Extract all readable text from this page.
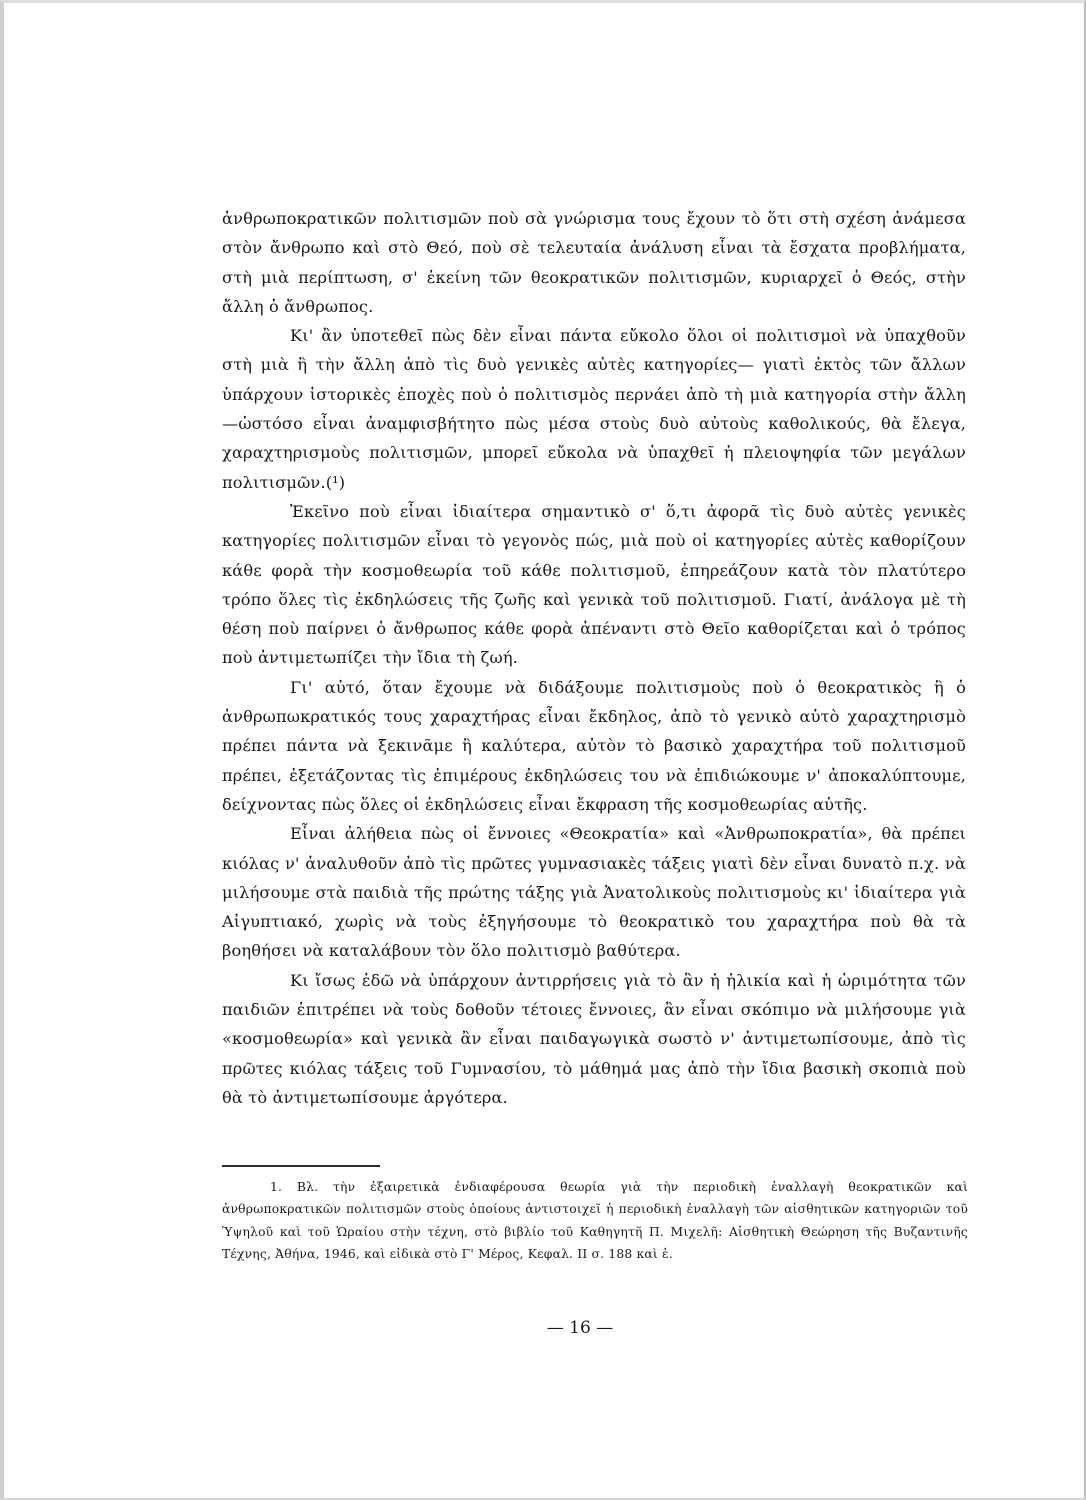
ἀνθρωποκρατικῶν πολιτισμῶν ποὺ σὰ γνώρισμα τους ἔχουν τὸ ὅτι στὴ σχέση ἀνάμεσα στὸν ἄνθρωπο καὶ στὸ Θεό, ποὺ σὲ τελευταία ἀνάλυση εἶναι τὰ ἔσχατα προβλήματα, στὴ μιὰ περίπτωση, σ' ἐκείνη τῶν θεοκρατικῶν πολιτισμῶν, κυριαρχεῖ ὁ Θεός, στὴν ἄλλη ὁ ἄνθρωπος.

Κι' ἂν ὑποτεθεῖ πὼς δὲν εἶναι πάντα εὔκολο ὅλοι οἱ πολιτισμοὶ νὰ ὑπαχθοῦν στὴ μιὰ ἢ τὴν ἄλλη ἀπὸ τὶς δυὸ γενικὲς αὐτὲς κατηγορίες— γιατὶ ἐκτὸς τῶν ἄλλων ὑπάρχουν ἱστορικὲς ἐποχὲς ποὺ ὁ πολιτισμὸς περνάει ἀπὸ τὴ μιὰ κατηγορία στὴν ἄλλη—ὡστόσο εἶναι ἀναμφισβήτητο πὼς μέσα στοὺς δυὸ αὐτοὺς καθολικούς, θὰ ἔλεγα, χαραχτηρισμοὺς πολιτισμῶν, μπορεῖ εὔκολα νὰ ὑπαχθεῖ ἡ πλειοψηφία τῶν μεγάλων πολιτισμῶν.(¹)

Ἐκεῖνο ποὺ εἶναι ἰδιαίτερα σημαντικὸ σ' ὅ,τι ἀφορᾶ τὶς δυὸ αὐτὲς γενικὲς κατηγορίες πολιτισμῶν εἶναι τὸ γεγονὸς πώς, μιὰ ποὺ οἱ κατηγορίες αὐτὲς καθορίζουν κάθε φορὰ τὴν κοσμοθεωρία τοῦ κάθε πολιτισμοῦ, ἐπηρεάζουν κατὰ τὸν πλατύτερο τρόπο ὅλες τὶς ἐκδηλώσεις τῆς ζωῆς καὶ γενικὰ τοῦ πολιτισμοῦ. Γιατί, ἀνάλογα μὲ τὴ θέση ποὺ παίρνει ὁ ἄνθρωπος κάθε φορὰ ἀπέναντι στὸ Θεῖο καθορίζεται καὶ ὁ τρόπος ποὺ ἀντιμετωπίζει τὴν ἴδια τὴ ζωή.

Γι' αὐτό, ὅταν ἔχουμε νὰ διδάξουμε πολιτισμοὺς ποὺ ὁ θεοκρατικὸς ἢ ὁ ἀνθρωπωκρατικός τους χαραχτήρας εἶναι ἔκδηλος, ἀπὸ τὸ γενικὸ αὐτὸ χαραχτηρισμὸ πρέπει πάντα νὰ ξεκινᾶμε ἢ καλύτερα, αὐτὸν τὸ βασικὸ χαραχτήρα τοῦ πολιτισμοῦ πρέπει, ἐξετάζοντας τὶς ἐπιμέρους ἐκδηλώσεις του νὰ ἐπιδιώκουμε ν' ἀποκαλύπτουμε, δείχνοντας πὼς ὅλες οἱ ἐκδηλώσεις εἶναι ἔκφραση τῆς κοσμοθεωρίας αὐτῆς.

Εἶναι ἀλήθεια πὼς οἱ ἔννοιες «Θεοκρατία» καὶ «Ἀνθρωποκρατία», θὰ πρέπει κιόλας ν' ἀναλυθοῦν ἀπὸ τὶς πρῶτες γυμνασιακὲς τάξεις γιατὶ δὲν εἶναι δυνατὸ π.χ. νὰ μιλήσουμε στὰ παιδιὰ τῆς πρώτης τάξης γιὰ Ἀνατολικοὺς πολιτισμοὺς κι' ἰδιαίτερα γιὰ Αἰγυπτιακό, χωρὶς νὰ τοὺς ἐξηγήσουμε τὸ θεοκρατικὸ του χαραχτήρα ποὺ θὰ τὰ βοηθήσει νὰ καταλάβουν τὸν ὅλο πολιτισμὸ βαθύτερα.

Κι ἴσως ἐδῶ νὰ ὑπάρχουν ἀντιρρήσεις γιὰ τὸ ἂν ἡ ἡλικία καὶ ἡ ὡριμότητα τῶν παιδιῶν ἐπιτρέπει νὰ τοὺς δοθοῦν τέτοιες ἔννοιες, ἂν εἶναι σκόπιμο νὰ μιλήσουμε γιὰ «κοσμοθεωρία» καὶ γενικὰ ἂν εἶναι παιδαγωγικὰ σωστὸ ν' ἀντιμετωπίσουμε, ἀπὸ τὶς πρῶτες κιόλας τάξεις τοῦ Γυμνασίου, τὸ μάθημά μας ἀπὸ τὴν ἴδια βασικὴ σκοπιὰ ποὺ θὰ τὸ ἀντιμετωπίσουμε ἀργότερα.

1. Βλ. τὴν ἐξαιρετικὰ ἐνδιαφέρουσα θεωρία γιὰ τὴν περιοδικὴ ἐναλλαγὴ θεοκρατικῶν καὶ ἀνθρωποκρατικῶν πολιτισμῶν στοὺς ὁποίους ἀντιστοιχεῖ ἡ περιοδικὴ ἐναλλαγὴ τῶν αἰσθητικῶν κατηγοριῶν τοῦ Ὑψηλοῦ καὶ τοῦ Ὡραίου στὴν τέχνη, στὸ βιβλίο τοῦ Καθηγητῆ Π. Μιχελῆ: Αἰσθητικὴ Θεώρηση τῆς Βυζαντινῆς Τέχνης, Ἀθήνα, 1946, καὶ εἰδικὰ στὸ Γ' Μέρος, Κεφαλ. II σ. 188 καὶ ἑ.

— 16 —
